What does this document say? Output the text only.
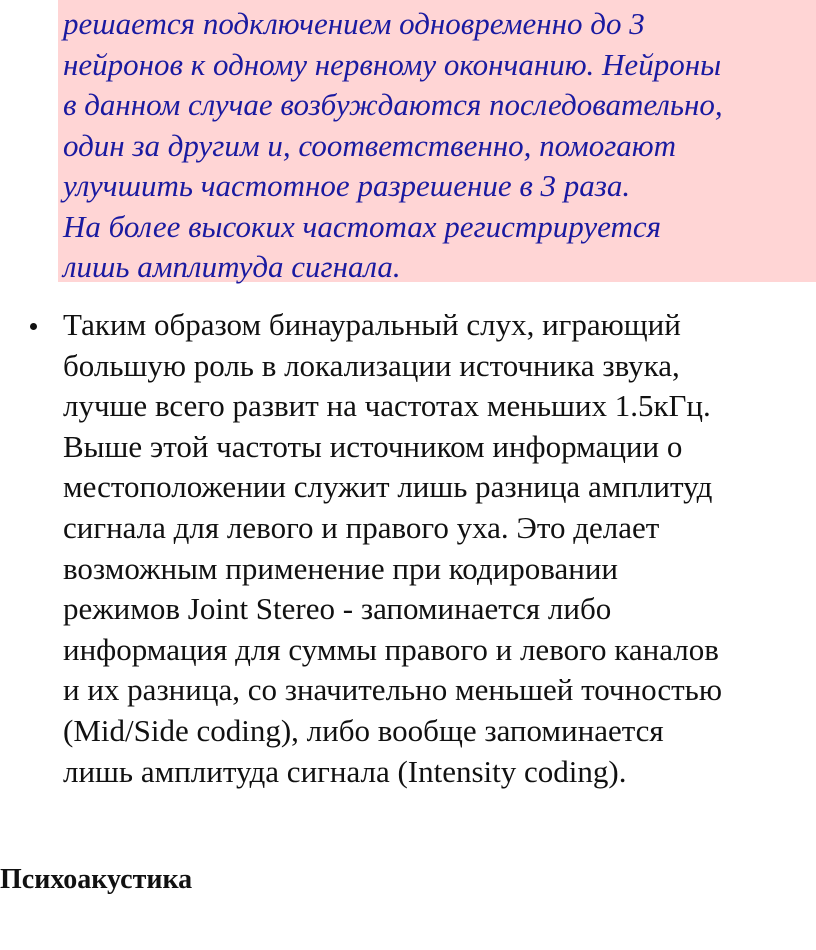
решается подключением одновременно до 3
нейронов к одному нервному окончанию. Нейроны
в данном случае возбуждаются последовательно,
один за другим и, соответственно, помогают
улучшить частотное разрешение в 3 раза.
На более высоких частотах регистрируется
лишь амплитуда сигнала.

Таким образом бинауральный слух, играющий
большую роль в локализации источника звука,
лучше всего развит на частотах меньших 1.5кГц.
Выше этой частоты источником информации о
местоположении служит лишь разница амплитуд
сигнала для левого и правого уха. Это делает
возможным применение при кодировании
режимов Joint Stereo - запоминается либо
информация для суммы правого и левого каналов
и их разница, со значительно меньшей точностью
(Mid/Side coding), либо вообще запоминается
лишь амплитуда сигнала (Intensity coding).
Психоакустика
